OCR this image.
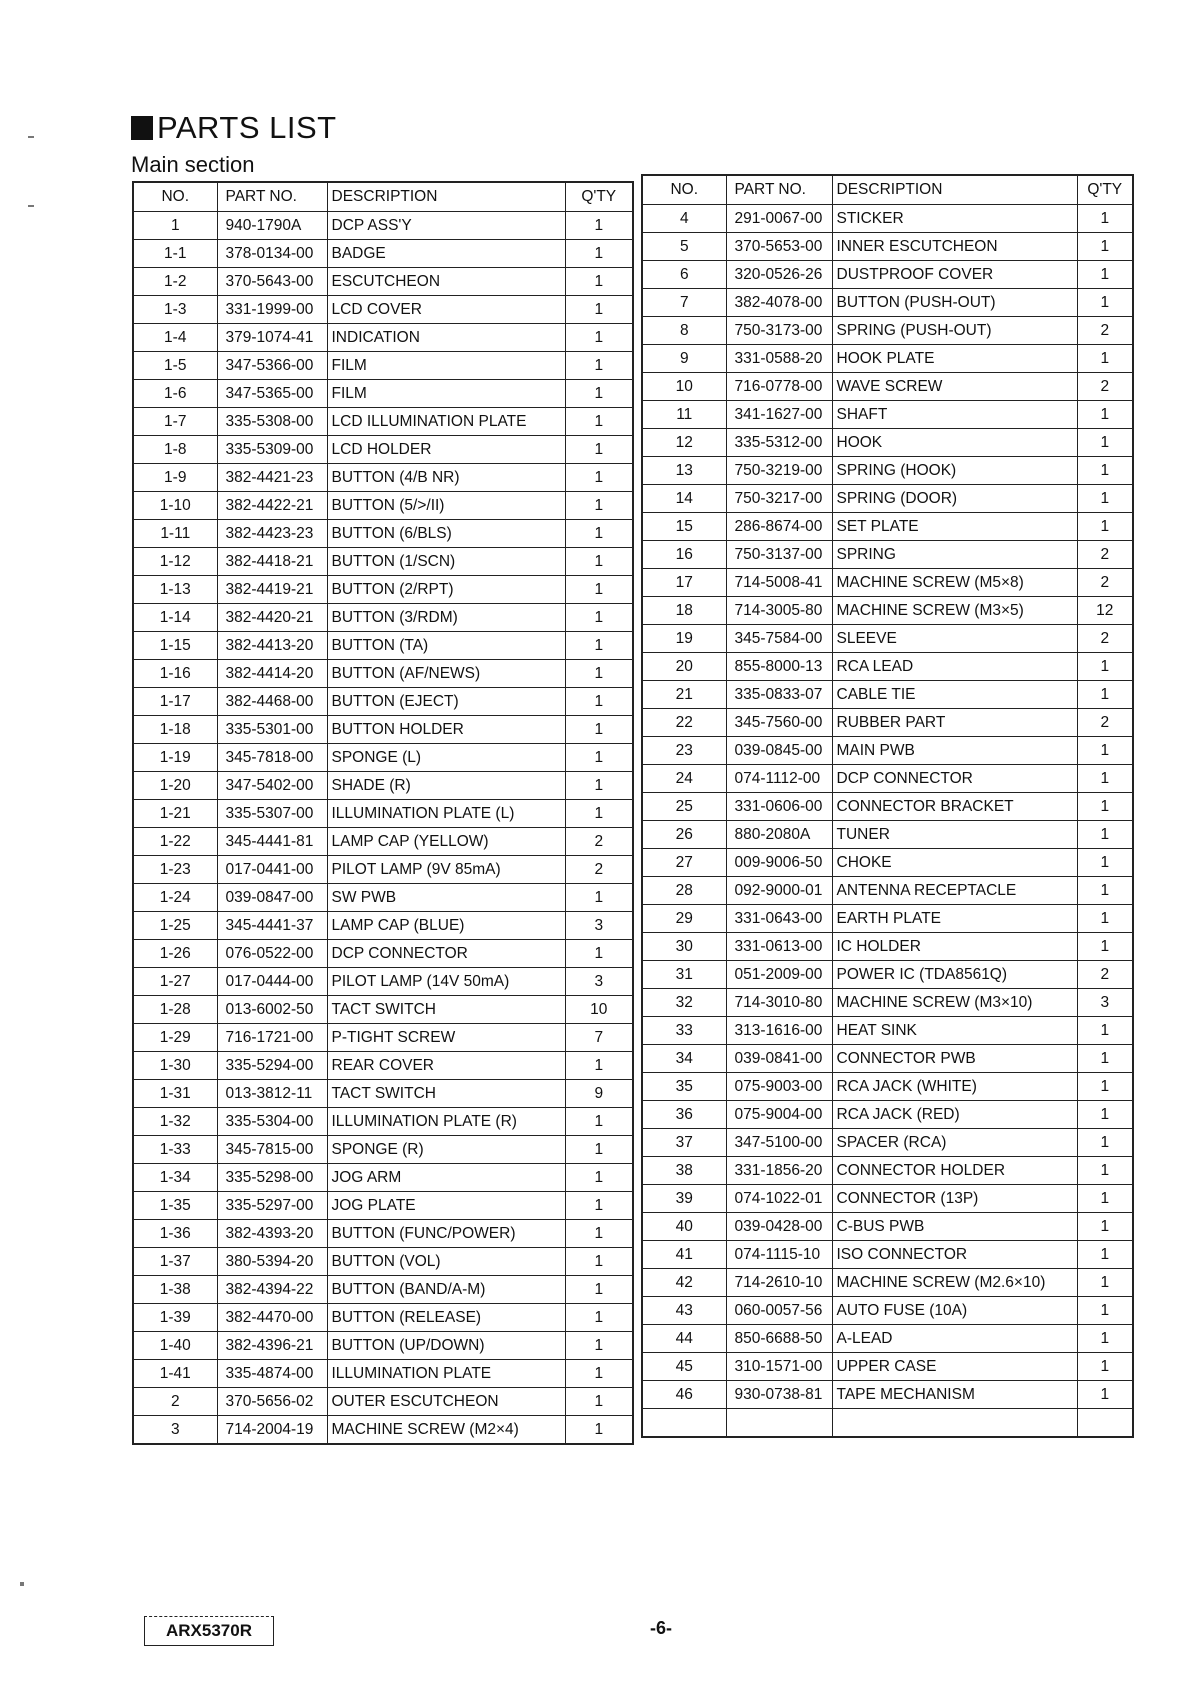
PARTS LIST
Main section
NO.	PART NO.	DESCRIPTION	Q'TY
1	940-1790A	DCP ASS'Y	1
1-1	378-0134-00	BADGE	1
1-2	370-5643-00	ESCUTCHEON	1
1-3	331-1999-00	LCD COVER	1
1-4	379-1074-41	INDICATION	1
1-5	347-5366-00	FILM	1
1-6	347-5365-00	FILM	1
1-7	335-5308-00	LCD ILLUMINATION PLATE	1
1-8	335-5309-00	LCD HOLDER	1
1-9	382-4421-23	BUTTON (4/B NR)	1
1-10	382-4422-21	BUTTON (5/>/II)	1
1-11	382-4423-23	BUTTON (6/BLS)	1
1-12	382-4418-21	BUTTON (1/SCN)	1
1-13	382-4419-21	BUTTON (2/RPT)	1
1-14	382-4420-21	BUTTON (3/RDM)	1
1-15	382-4413-20	BUTTON (TA)	1
1-16	382-4414-20	BUTTON (AF/NEWS)	1
1-17	382-4468-00	BUTTON (EJECT)	1
1-18	335-5301-00	BUTTON HOLDER	1
1-19	345-7818-00	SPONGE (L)	1
1-20	347-5402-00	SHADE (R)	1
1-21	335-5307-00	ILLUMINATION PLATE (L)	1
1-22	345-4441-81	LAMP CAP (YELLOW)	2
1-23	017-0441-00	PILOT LAMP (9V 85mA)	2
1-24	039-0847-00	SW PWB	1
1-25	345-4441-37	LAMP CAP (BLUE)	3
1-26	076-0522-00	DCP CONNECTOR	1
1-27	017-0444-00	PILOT LAMP (14V 50mA)	3
1-28	013-6002-50	TACT SWITCH	10
1-29	716-1721-00	P-TIGHT SCREW	7
1-30	335-5294-00	REAR COVER	1
1-31	013-3812-11	TACT SWITCH	9
1-32	335-5304-00	ILLUMINATION PLATE (R)	1
1-33	345-7815-00	SPONGE (R)	1
1-34	335-5298-00	JOG ARM	1
1-35	335-5297-00	JOG PLATE	1
1-36	382-4393-20	BUTTON (FUNC/POWER)	1
1-37	380-5394-20	BUTTON (VOL)	1
1-38	382-4394-22	BUTTON (BAND/A-M)	1
1-39	382-4470-00	BUTTON (RELEASE)	1
1-40	382-4396-21	BUTTON (UP/DOWN)	1
1-41	335-4874-00	ILLUMINATION PLATE	1
2	370-5656-02	OUTER ESCUTCHEON	1
3	714-2004-19	MACHINE SCREW (M2×4)	1
NO.	PART NO.	DESCRIPTION	Q'TY
4	291-0067-00	STICKER	1
5	370-5653-00	INNER ESCUTCHEON	1
6	320-0526-26	DUSTPROOF COVER	1
7	382-4078-00	BUTTON (PUSH-OUT)	1
8	750-3173-00	SPRING (PUSH-OUT)	2
9	331-0588-20	HOOK PLATE	1
10	716-0778-00	WAVE SCREW	2
11	341-1627-00	SHAFT	1
12	335-5312-00	HOOK	1
13	750-3219-00	SPRING (HOOK)	1
14	750-3217-00	SPRING (DOOR)	1
15	286-8674-00	SET PLATE	1
16	750-3137-00	SPRING	2
17	714-5008-41	MACHINE SCREW (M5×8)	2
18	714-3005-80	MACHINE SCREW (M3×5)	12
19	345-7584-00	SLEEVE	2
20	855-8000-13	RCA LEAD	1
21	335-0833-07	CABLE TIE	1
22	345-7560-00	RUBBER PART	2
23	039-0845-00	MAIN PWB	1
24	074-1112-00	DCP CONNECTOR	1
25	331-0606-00	CONNECTOR BRACKET	1
26	880-2080A	TUNER	1
27	009-9006-50	CHOKE	1
28	092-9000-01	ANTENNA RECEPTACLE	1
29	331-0643-00	EARTH PLATE	1
30	331-0613-00	IC HOLDER	1
31	051-2009-00	POWER IC (TDA8561Q)	2
32	714-3010-80	MACHINE SCREW (M3×10)	3
33	313-1616-00	HEAT SINK	1
34	039-0841-00	CONNECTOR PWB	1
35	075-9003-00	RCA JACK (WHITE)	1
36	075-9004-00	RCA JACK (RED)	1
37	347-5100-00	SPACER (RCA)	1
38	331-1856-20	CONNECTOR HOLDER	1
39	074-1022-01	CONNECTOR (13P)	1
40	039-0428-00	C-BUS PWB	1
41	074-1115-10	ISO CONNECTOR	1
42	714-2610-10	MACHINE SCREW (M2.6×10)	1
43	060-0057-56	AUTO FUSE (10A)	1
44	850-6688-50	A-LEAD	1
45	310-1571-00	UPPER CASE	1
46	930-0738-81	TAPE MECHANISM	1

ARX5370R	-6-
